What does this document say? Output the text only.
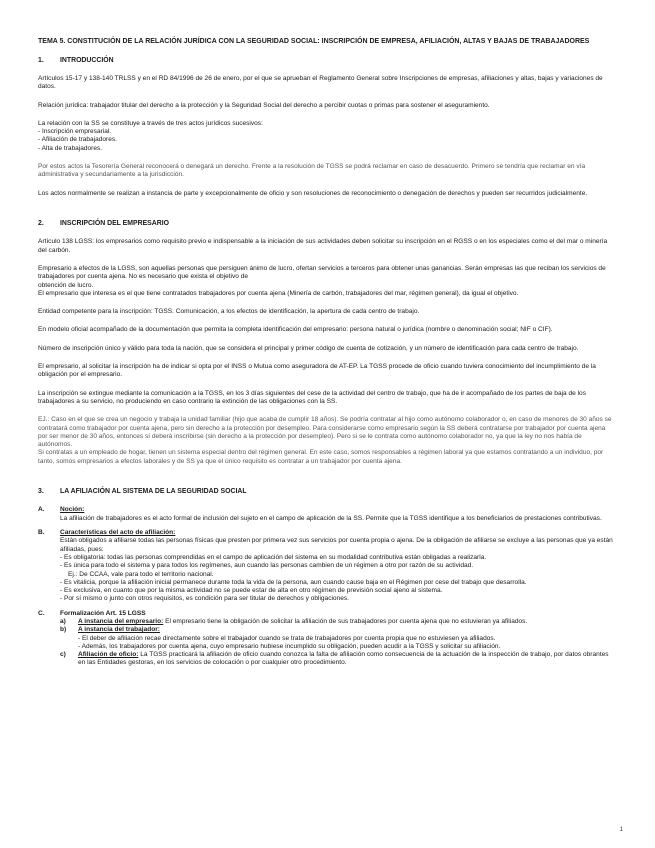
TEMA 5. CONSTITUCIÓN DE LA RELACIÓN JURÍDICA CON LA SEGURIDAD SOCIAL: INSCRIPCIÓN DE EMPRESA, AFILIACIÓN, ALTAS Y BAJAS DE TRABAJADORES
1. INTRODUCCIÓN

Artículos 15-17 y 138-140 TRLSS y en el RD 84/1996 de 26 de enero, por el que se aprueban el Reglamento General sobre Inscripciones de empresas, afiliaciones y altas, bajas y variaciones de datos.

Relación jurídica: trabajador titular del derecho a la protección y la Seguridad Social del derecho a percibir cuotas o primas para sostener el aseguramiento.

La relación con la SS se constituye a través de tres actos jurídicos sucesivos:
- Inscripción empresarial.
- Afiliación de trabajadores.
- Alta de trabajadores.

Por estos actos la Tesorería General reconocerá o denegará un derecho. Frente a la resolución de TGSS se podrá reclamar en caso de desacuerdo. Primero se tendría que reclamar en vía administrativa y secundariamente a la jurisdicción.

Los actos normalmente se realizan a instancia de parte y excepcionalmente de oficio y son resoluciones de reconocimiento o denegación de derechos y pueden ser recurridos judicialmente.

2. INSCRIPCIÓN DEL EMPRESARIO

Artículo 138 LGSS: los empresarios como requisito previo e indispensable a la iniciación de sus actividades deben solicitar su inscripción en el RGSS o en los especiales como el del mar o minería del carbón.

Empresario a efectos de la LGSS, son aquellas personas que persiguen ánimo de lucro, ofertan servicios a terceros para obtener unas ganancias. Serán empresas las que reciban los servicios de trabajadores por cuenta ajena. No es necesario que exista el objetivo de
obtención de lucro.
El empresario que interesa es el que tiene contratados trabajadores por cuenta ajena (Minería de carbón, trabajadores del mar, régimen general), da igual el objetivo.

Entidad competente para la inscripción: TGSS. Comunicación, a los efectos de identificación, la apertura de cada centro de trabajo.

En modelo oficial acompañado de la documentación que permita la completa identificación del empresario: persona natural o jurídica (nombre o denominación social; NIF o CIF).

Número de inscripción único y válido para toda la nación, que se considera el principal y primer código de cuenta de cotización, y un número de identificación para cada centro de trabajo.

El empresario, al solicitar la inscripción ha de indicar si opta por el INSS o Mutua como aseguradora de AT-EP. La TGSS procede de oficio cuando tuviera conocimiento del incumplimiento de la obligación por el empresario.

La inscripción se extingue mediante la comunicación a la TGSS, en los 3 días siguientes del cese de la actividad del centro de trabajo, que ha de ir acompañado de los partes de baja de los trabajadores a su servicio, no produciendo en caso contrario la extinción de las obligaciones con la SS.

EJ.: Caso en el que se crea un negocio y trabaja la unidad familiar (hijo que acaba de cumplir 18 años). Se podría contratar al hijo como autónomo colaborador o, en caso de menores de 30 años se contratará como trabajador por cuenta ajena, pero sin derecho a la protección por desempleo. Para considerarse como empresario según la SS deberá contratarse por trabajador por cuenta ajena por ser menor de 30 años, entonces sí deberá inscribirse (sin derecho a la protección por desempleo). Pero si se le contrata como autónomo colaborador no, ya que la ley no nos había de autónomos.
Si contratas a un empleado de hogar, tienen un sistema especial dentro del régimen general. En este caso, somos responsables a régimen laboral ya que estamos contratando a un individuo, por tanto, somos empresarios a efectos laborales y de SS ya que el único requisito es contratar a un trabajador por cuenta ajena.

3. LA AFILIACIÓN AL SISTEMA DE LA SEGURIDAD SOCIAL
A. Noción:
La afiliación de trabajadores es el acto formal de inclusión del sujeto en el campo de aplicación de la SS. Permite que la TGSS identifique a los beneficiarios de prestaciones contributivas.
B. Características del acto de afiliación:
Están obligados a afiliarse todas las personas físicas que presten por primera vez sus servicios por cuenta propia o ajena. De la obligación de afiliarse se excluye a las personas que ya están afiliadas, pues:
- Es obligatoria: todas las personas comprendidas en el campo de aplicación del sistema en su modalidad contributiva están obligadas a realizarla.
- Es única para todo el sistema y para todos los regímenes, aun cuando las personas cambien de un régimen a otro por razón de su actividad.
Ej.: De CCAA, vale para todo el territorio nacional.
- Es vitalicia, porque la afiliación inicial permanece durante toda la vida de la persona, aun cuando cause baja en el Régimen por cese del trabajo que desarrolla.
- Es exclusiva, en cuanto que por la misma actividad no se puede estar de alta en otro régimen de previsión social ajeno al sistema.
- Por sí mismo o junto con otros requisitos, es condición para ser titular de derechos y obligaciones.
C. Formalización Art. 15 LGSS
a)	A instancia del empresario: El empresario tiene la obligación de solicitar la afiliación de sus trabajadores por cuenta ajena que no estuvieran ya afiliados.
b)	A instancia del trabajador:
- El deber de afiliación recae directamente sobre el trabajador cuando se trata de trabajadores por cuenta propia que no estuviesen ya afiliados.
- Además, los trabajadores por cuenta ajena, cuyo empresario hubiese incumplido su obligación, pueden acudir a la TGSS y solicitar su afiliación.
c)	Afiliación de oficio: La TGSS practicará la afiliación de oficio cuando conozca la falta de afiliación como consecuencia de la actuación de la inspección de trabajo, por datos obrantes en las Entidades gestoras, en los servicios de colocación o por cualquier otro procedimiento.
1
